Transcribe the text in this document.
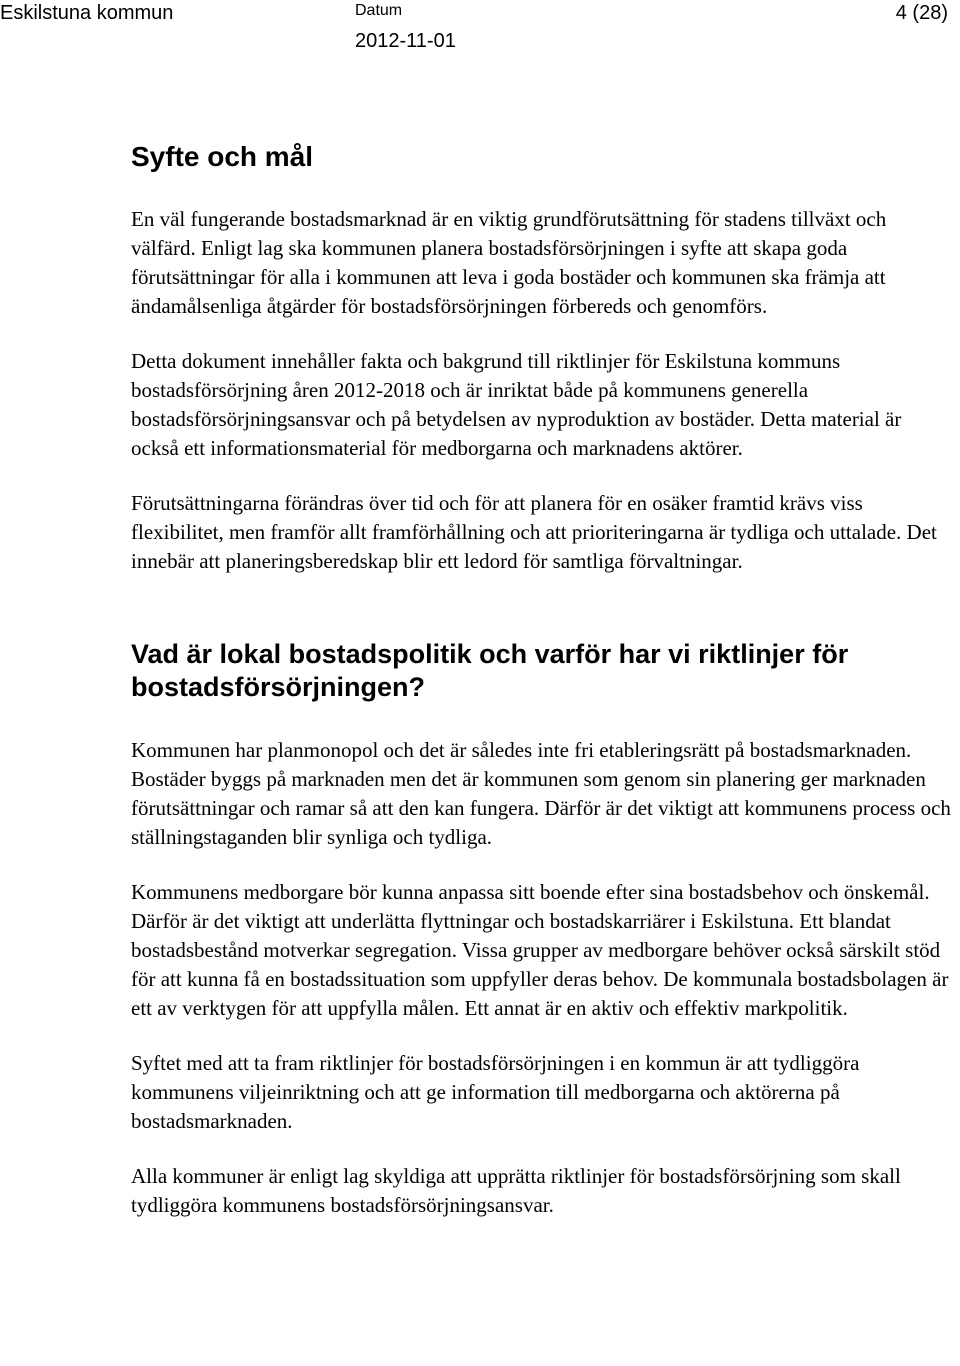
Eskilstuna kommun	Datum
2012-11-01
4 (28)
Syfte och mål

En väl fungerande bostadsmarknad är en viktig grundförutsättning för stadens tillväxt och välfärd. Enligt lag ska kommunen planera bostadsförsörjningen i syfte att skapa goda förutsättningar för alla i kommunen att leva i goda bostäder och kommunen ska främja att ändamålsenliga åtgärder för bostadsförsörjningen förbereds och genomförs.

Detta dokument innehåller fakta och bakgrund till riktlinjer för Eskilstuna kommuns bostadsförsörjning åren 2012-2018 och är inriktat både på kommunens generella bostadsförsörjningsansvar och på betydelsen av nyproduktion av bostäder. Detta material är också ett informationsmaterial för medborgarna och marknadens aktörer.

Förutsättningarna förändras över tid och för att planera för en osäker framtid krävs viss flexibilitet, men framför allt framförhållning och att prioriteringarna är tydliga och uttalade. Det innebär att planeringsberedskap blir ett ledord för samtliga förvaltningar.

Vad är lokal bostadspolitik och varför har vi riktlinjer för bostadsförsörjningen?

Kommunen har planmonopol och det är således inte fri etableringsrätt på bostadsmarknaden. Bostäder byggs på marknaden men det är kommunen som genom sin planering ger marknaden förutsättningar och ramar så att den kan fungera. Därför är det viktigt att kommunens process och ställningstaganden blir synliga och tydliga.

Kommunens medborgare bör kunna anpassa sitt boende efter sina bostadsbehov och önskemål. Därför är det viktigt att underlätta flyttningar och bostadskarriärer i Eskilstuna. Ett blandat bostadsbestånd motverkar segregation. Vissa grupper av medborgare behöver också särskilt stöd för att kunna få en bostadssituation som uppfyller deras behov. De kommunala bostadsbolagen är ett av verktygen för att uppfylla målen. Ett annat är en aktiv och effektiv markpolitik.

Syftet med att ta fram riktlinjer för bostadsförsörjningen i en kommun är att tydliggöra kommunens viljeinriktning och att ge information till medborgarna och aktörerna på bostadsmarknaden.

Alla kommuner är enligt lag skyldiga att upprätta riktlinjer för bostadsförsörjning som skall tydliggöra kommunens bostadsförsörjningsansvar.
